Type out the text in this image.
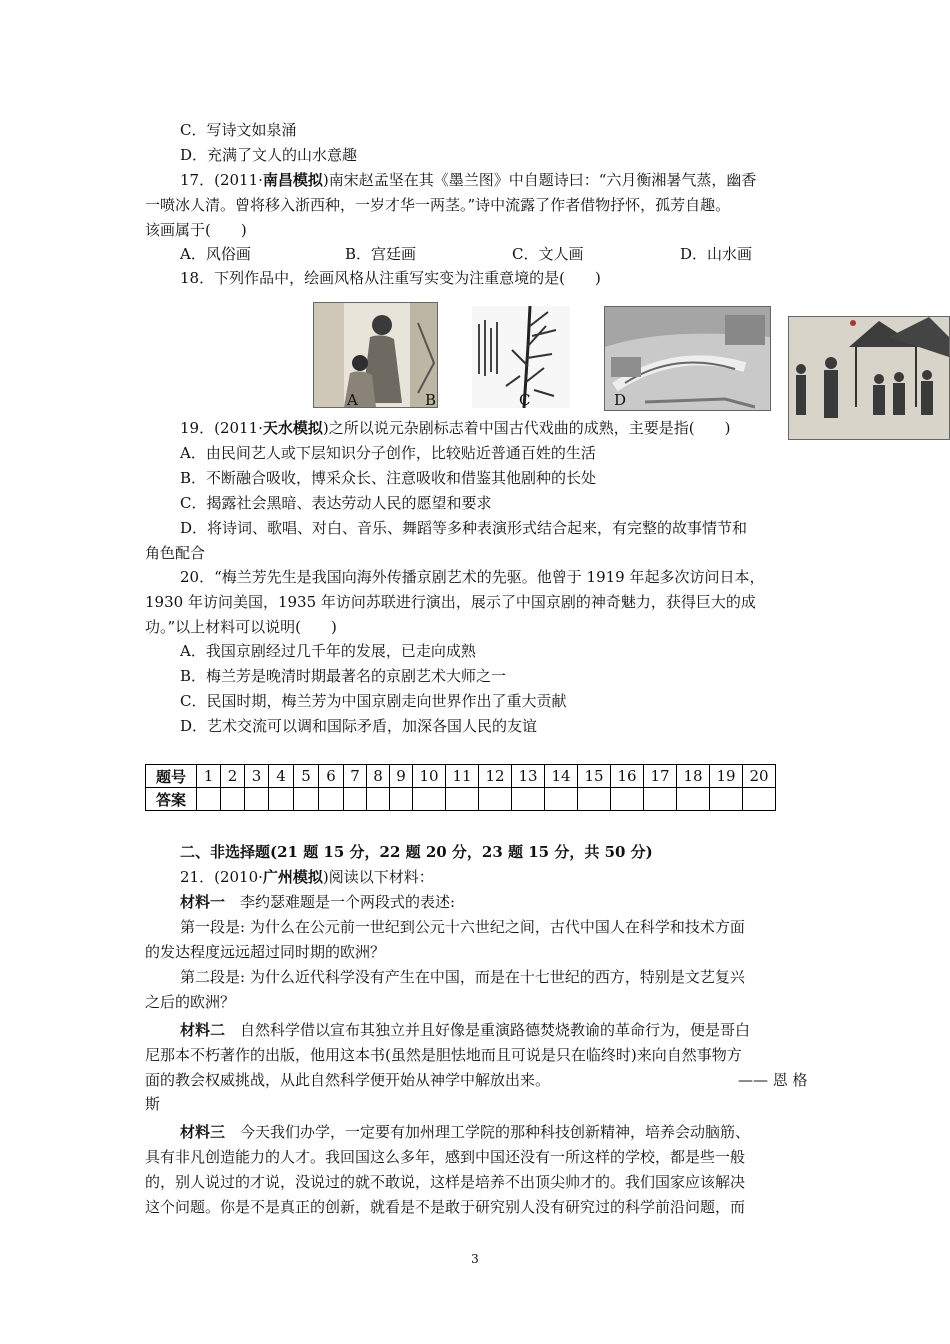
C．写诗文如泉涌
D．充满了文人的山水意趣
17．(2011·南昌模拟)南宋赵孟坚在其《墨兰图》中自题诗曰：“六月衡湘暑气蒸，幽香
一喷冰人清。曾将移入浙西种，一岁才华一两茎。”诗中流露了作者借物抒怀，孤芳自趣。
该画属于(　　)
A．风俗画	B．宫廷画	C．文人画	D．山水画
18．下列作品中，绘画风格从注重写实变为注重意境的是(　　)
A	B	C	D
19．(2011·天水模拟)之所以说元杂剧标志着中国古代戏曲的成熟，主要是指(　　)
A．由民间艺人或下层知识分子创作，比较贴近普通百姓的生活
B．不断融合吸收，博采众长、注意吸收和借鉴其他剧种的长处
C．揭露社会黑暗、表达劳动人民的愿望和要求
D．将诗词、歌唱、对白、音乐、舞蹈等多种表演形式结合起来，有完整的故事情节和
角色配合
20．“梅兰芳先生是我国向海外传播京剧艺术的先驱。他曾于 1919 年起多次访问日本，
1930 年访问美国，1935 年访问苏联进行演出，展示了中国京剧的神奇魅力，获得巨大的成
功。”以上材料可以说明(　　)
A．我国京剧经过几千年的发展，已走向成熟
B．梅兰芳是晚清时期最著名的京剧艺术大师之一
C．民国时期，梅兰芳为中国京剧走向世界作出了重大贡献
D．艺术交流可以调和国际矛盾，加深各国人民的友谊
题号	1	2	3	4	5	6	7	8	9	10	11	12	13	14	15	16	17	18	19	20
答案																				
二、非选择题(21 题 15 分，22 题 20 分，23 题 15 分，共 50 分)
21．(2010·广州模拟)阅读以下材料：
材料一　李约瑟难题是一个两段式的表述:
第一段是: 为什么在公元前一世纪到公元十六世纪之间，古代中国人在科学和技术方面
的发达程度远远超过同时期的欧洲？
第二段是: 为什么近代科学没有产生在中国，而是在十七世纪的西方，特别是文艺复兴
之后的欧洲？
材料二　自然科学借以宣布其独立并且好像是重演路德焚烧教谕的革命行为，便是哥白
尼那本不朽著作的出版，他用这本书(虽然是胆怯地而且可说是只在临终时)来向自然事物方
面的教会权威挑战，从此自然科学便开始从神学中解放出来。	—— 恩 格
斯
材料三　今天我们办学，一定要有加州理工学院的那种科技创新精神，培养会动脑筋、
具有非凡创造能力的人才。我回国这么多年，感到中国还没有一所这样的学校，都是些一般
的，别人说过的才说，没说过的就不敢说，这样是培养不出顶尖帅才的。我们国家应该解决
这个问题。你是不是真正的创新，就看是不是敢于研究别人没有研究过的科学前沿问题，而
3
